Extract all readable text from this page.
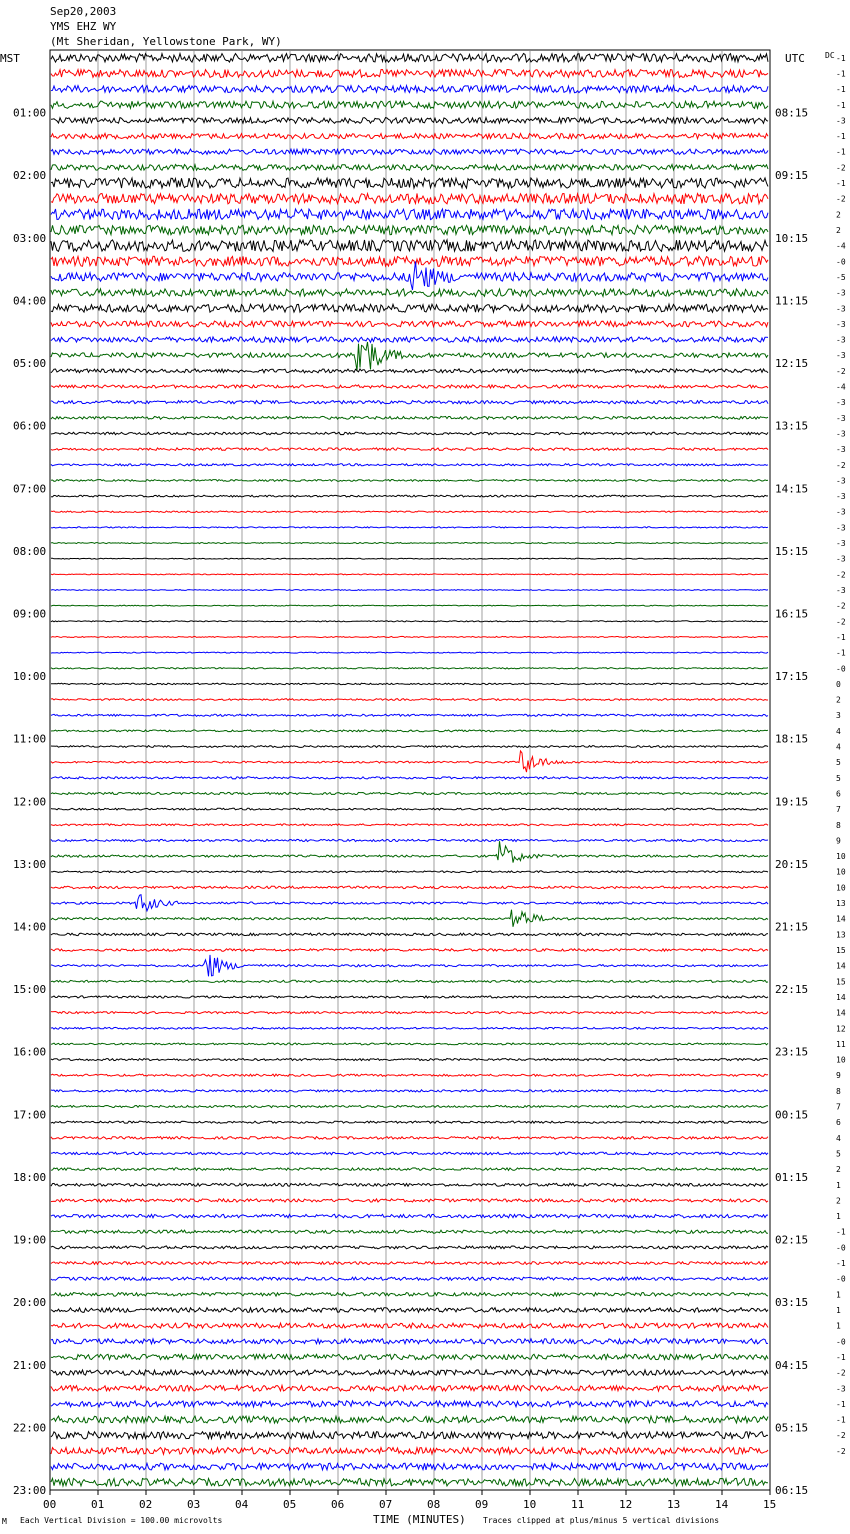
Sep20,2003
YMS EHZ WY
(Mt Sheridan, Yellowstone Park, WY)
MST	UTC	DC
01:00
02:00
03:00
04:00
05:00
06:00
07:00
08:00
09:00
10:00
11:00
12:00
13:00
14:00
15:00
16:00
17:00
18:00
19:00
20:00
21:00
22:00
23:00
08:15
09:15
10:15
11:15
12:15
13:15
14:15
15:15
16:15
17:15
18:15
19:15
20:15
21:15
22:15
23:15
00:15
01:15
02:15
03:15
04:15
05:15
06:15
-1
-1
-1
-1
-3
-1
-1
-2
-1
-2
2
2
-4
-0
-5
-3
-3
-3
-3
-3
-2
-4
-3
-3
-3
-3
-2
-3
-3
-3
-3
-3
-3
-2
-3
-2
-2
-1
-1
-0
0
2
3
4
4
5
5
6
7
8
9
10
10
10
13
14
13
15
14
15
14
14
12
11
10
9
8
7
6
4
5
2
1
2
1
-1
-0
-1
-0
1
1
1
-0
-1
-2
-3
-1
-1
-2
-2
00	01	02	03	04	05	06	07	08	09	10	11	12	13	14	15
TIME (MINUTES)
Each Vertical Division = 100.00 microvolts	Traces clipped at plus/minus 5 vertical divisions
M
